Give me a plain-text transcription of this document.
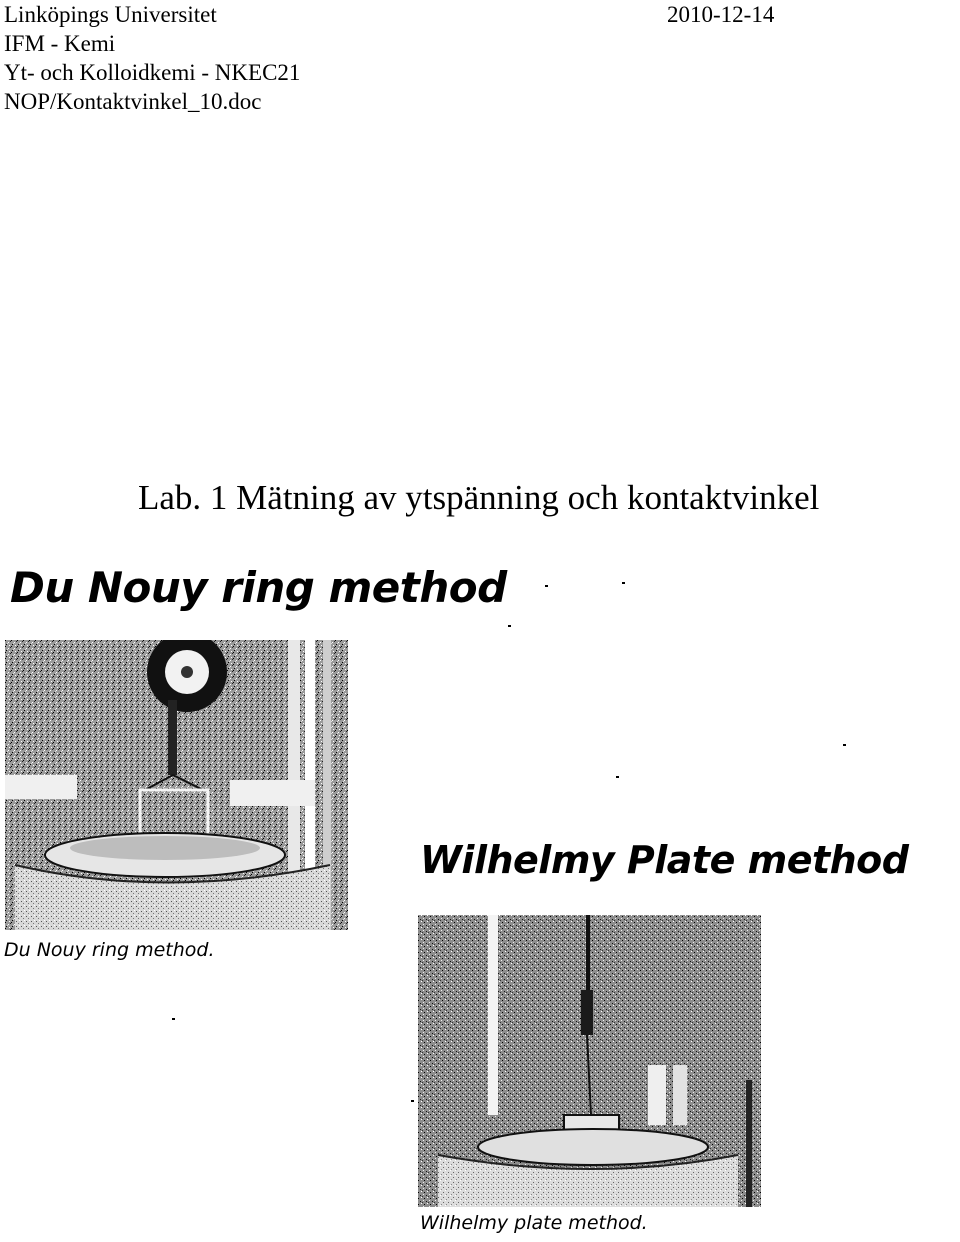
Linköpings Universitet
IFM - Kemi
Yt- och Kolloidkemi - NKEC21
NOP/Kontaktvinkel_10.doc
2010-12-14
Lab. 1 Mätning av ytspänning och kontaktvinkel
Du Nouy ring method
Du Nouy ring method.
Wilhelmy Plate method
Wilhelmy plate method.
